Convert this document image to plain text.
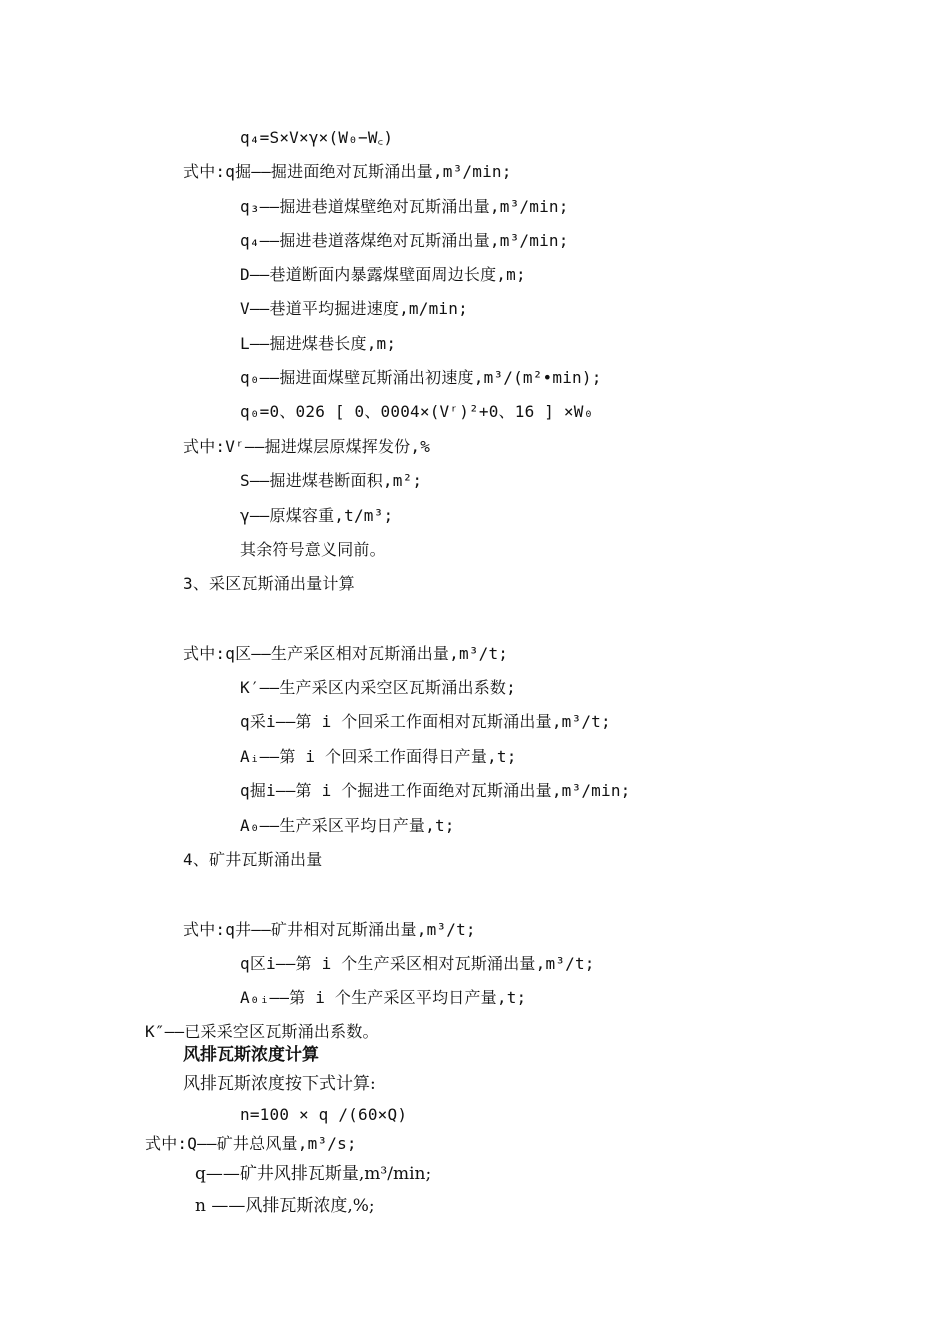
q₄=S×V×γ×(W₀−W꜀)
式中:q掘——掘进面绝对瓦斯涌出量,m³/min;
q₃——掘进巷道煤壁绝对瓦斯涌出量,m³/min;
q₄——掘进巷道落煤绝对瓦斯涌出量,m³/min;
D——巷道断面内暴露煤壁面周边长度,m;
V——巷道平均掘进速度,m/min;
L——掘进煤巷长度,m;
q₀——掘进面煤壁瓦斯涌出初速度,m³/(m²•min);
q₀=0、026 [ 0、0004×(Vʳ)²+0、16 ] ×W₀
式中:Vʳ——掘进煤层原煤挥发份,%
S——掘进煤巷断面积,m²;
γ——原煤容重,t/m³;
其余符号意义同前。
3、采区瓦斯涌出量计算
式中:q区——生产采区相对瓦斯涌出量,m³/t;
K′——生产采区内采空区瓦斯涌出系数;
q采i——第 i 个回采工作面相对瓦斯涌出量,m³/t;
Aᵢ——第 i 个回采工作面得日产量,t;
q掘i——第 i 个掘进工作面绝对瓦斯涌出量,m³/min;
A₀——生产采区平均日产量,t;
4、矿井瓦斯涌出量
式中:q井——矿井相对瓦斯涌出量,m³/t;
q区i——第 i 个生产采区相对瓦斯涌出量,m³/t;
A₀ᵢ——第 i 个生产采区平均日产量,t;
K″——已采采空区瓦斯涌出系数。
风排瓦斯浓度计算
风排瓦斯浓度按下式计算:
n=100 × q /(60×Q)
式中:Q——矿井总风量,m³/s;
q——矿井风排瓦斯量,m³/min;
n ——风排瓦斯浓度,%;
